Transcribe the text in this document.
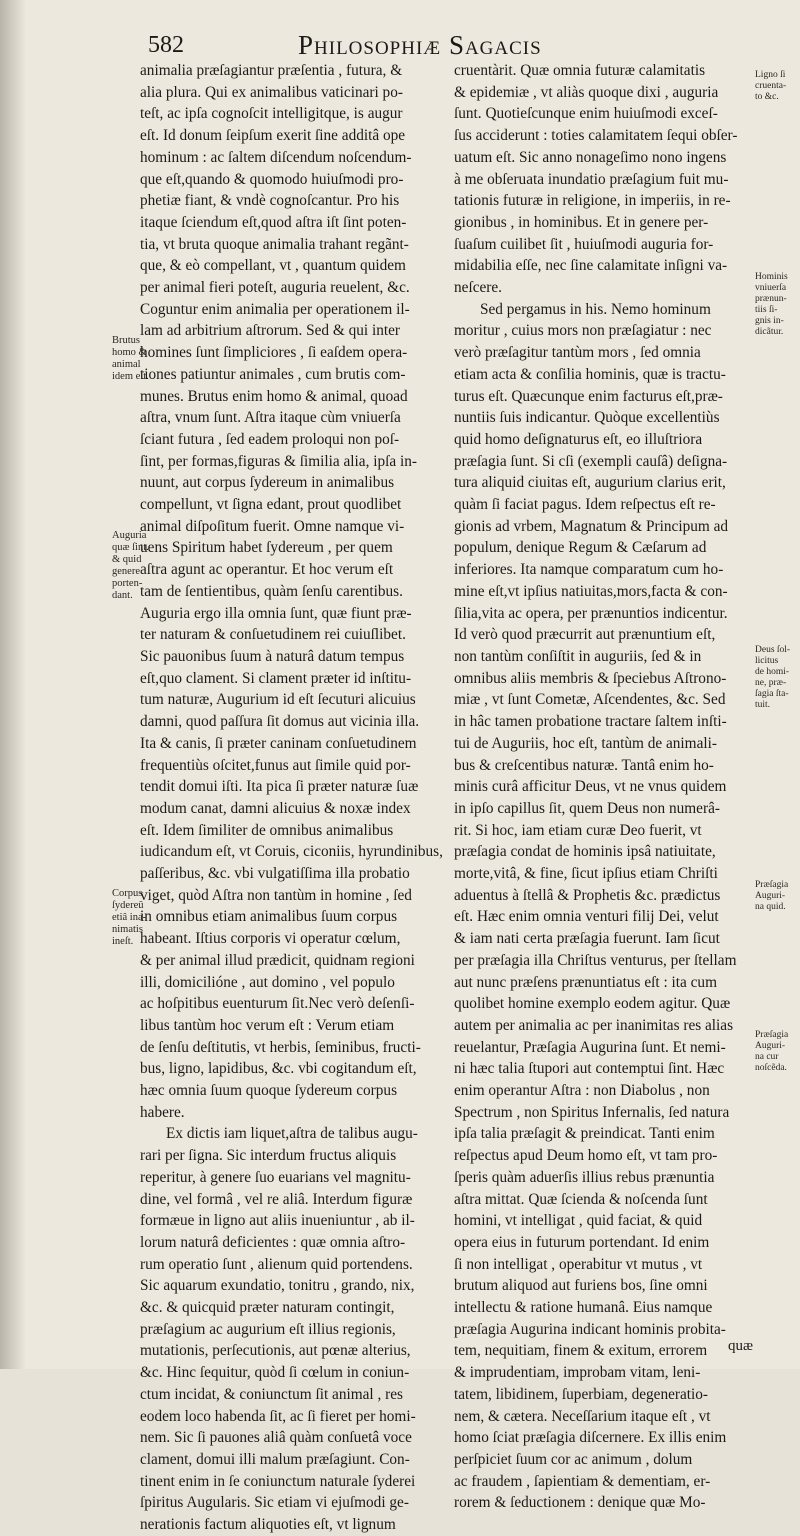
582	Philosophiæ Sagacis

animalia præſagiantur præſentia , futura, &
alia plura. Qui ex animalibus vaticinari po-
teſt, ac ipſa cognoſcit intelligitque, is augur
eſt. Id donum ſeipſum exerit ſine additâ ope
hominum : ac ſaltem diſcendum noſcendum-
que eſt,quando & quomodo huiuſmodi pro-
phetiæ fiant, & vndè cognoſcantur. Pro his
itaque ſciendum eſt,quod aſtra iſt ſint poten-
tia, vt bruta quoque animalia trahant regãnt-
que, & eò compellant, vt , quantum quidem
per animal fieri poteſt, auguria reuelent, &c.
Coguntur enim animalia per operationem il-
lam ad arbitrium aſtrorum. Sed & qui inter
homines ſunt ſimpliciores , ſi eaſdem opera-
tiones patiuntur animales , cum brutis com-
munes. Brutus enim homo & animal, quoad
aſtra, vnum ſunt. Aſtra itaque cùm vniuerſa
ſciant futura , ſed eadem proloqui non poſ-
ſint, per formas,figuras & ſimilia alia, ipſa in-
nuunt, aut corpus ſydereum in animalibus
compellunt, vt ſigna edant, prout quodlibet
animal diſpoſitum fuerit. Omne namque vi-
uens Spiritum habet ſydereum , per quem
aſtra agunt ac operantur. Et hoc verum eſt
tam de ſentientibus, quàm ſenſu carentibus.
Auguria ergo illa omnia ſunt, quæ fiunt præ-
ter naturam & conſuetudinem rei cuiuſlibet.
Sic pauonibus ſuum à naturâ datum tempus
eſt,quo clament. Si clament præter id inſtitu-
tum naturæ, Augurium id eſt ſecuturi alicuius
damni, quod paſſura ſit domus aut vicinia illa.
Ita & canis, ſi præter caninam conſuetudinem
frequentiùs oſcitet,funus aut ſimile quid por-
tendit domui iſti. Ita pica ſi præter naturæ ſuæ
modum canat, damni alicuius & noxæ index
eſt. Idem ſimiliter de omnibus animalibus
iudicandum eſt, vt Coruis, ciconiis, hyrundinibus,
paſſeribus, &c. vbi vulgatiſſima illa probatio
viget, quòd Aſtra non tantùm in homine , ſed
in omnibus etiam animalibus ſuum corpus
habeant. Iſtius corporis vi operatur cœlum,
& per animal illud prædicit, quidnam regioni
illi, domicilióne , aut domino , vel populo
ac hoſpitibus euenturum ſit.Nec verò deſenſi-
libus tantùm hoc verum eſt : Verum etiam
de ſenſu deſtitutis, vt herbis, ſeminibus, fructi-
bus, ligno, lapidibus, &c. vbi cogitandum eſt,
hæc omnia ſuum quoque ſydereum corpus
habere.

Ex dictis iam liquet,aſtra de talibus augu-
rari per ſigna. Sic interdum fructus aliquis
reperitur, à genere ſuo euarians vel magnitu-
dine, vel formâ , vel re aliâ. Interdum figuræ
formæue in ligno aut aliis inueniuntur , ab il-
lorum naturâ deficientes : quæ omnia aſtro-
rum operatio ſunt , alienum quid portendens.
Sic aquarum exundatio, tonitru , grando, nix,
&c. & quicquid præter naturam contingit,
præſagium ac augurium eſt illius regionis,
mutationis, perſecutionis, aut pœnæ alterius,
&c. Hinc ſequitur, quòd ſi cœlum in coniun-
ctum incidat, & coniunctum ſit animal , res
eodem loco habenda ſit, ac ſi fieret per homi-
nem. Sic ſi pauones aliâ quàm conſuetâ voce
clament, domui illi malum præſagiunt. Con-
tinent enim in ſe coniunctum naturale ſyderei
ſpiritus Augularis. Sic etiam vi ejuſmodi ge-
nerationis factum aliquoties eſt, vt lignum

cruentàrit. Quæ omnia futuræ calamitatis
& epidemiæ , vt aliàs quoque dixi , auguria
ſunt. Quotieſcunque enim huiuſmodi exceſ-
ſus acciderunt : toties calamitatem ſequi obſer-
uatum eſt. Sic anno nonageſimo nono ingens
à me obſeruata inundatio præſagium fuit mu-
tationis futuræ in religione, in imperiis, in re-
gionibus , in hominibus. Et in genere per-
ſuaſum cuilibet ſit , huiuſmodi auguria for-
midabilia eſſe, nec ſine calamitate inſigni va-
neſcere.

Sed pergamus in his. Nemo hominum
moritur , cuius mors non præſagiatur : nec
verò præſagitur tantùm mors , ſed omnia
etiam acta & conſilia hominis, quæ is tractu-
turus eſt. Quæcunque enim facturus eſt,præ-
nuntiis ſuis indicantur. Quòque excellentiùs
quid homo deſignaturus eſt, eo illuſtriora
præſagia ſunt. Si cſi (exempli cauſâ) deſigna-
tura aliquid ciuitas eſt, augurium clarius erit,
quàm ſi faciat pagus. Idem reſpectus eſt re-
gionis ad vrbem, Magnatum & Principum ad
populum, denique Regum & Cæſarum ad
inferiores. Ita namque comparatum cum ho-
mine eſt,vt ipſius natiuitas,mors,facta & con-
ſilia,vita ac opera, per prænuntios indicentur.
Id verò quod præcurrit aut prænuntium eſt,
non tantùm conſiſtit in auguriis, ſed & in
omnibus aliis membris & ſpeciebus Aſtrono-
miæ , vt ſunt Cometæ, Aſcendentes, &c. Sed
in hâc tamen probatione tractare ſaltem inſti-
tui de Auguriis, hoc eſt, tantùm de animali-
bus & creſcentibus naturæ. Tantâ enim ho-
minis curâ afficitur Deus, vt ne vnus quidem
in ipſo capillus ſit, quem Deus non numerâ-
rit. Si hoc, iam etiam curæ Deo fuerit, vt
præſagia condat de hominis ipsâ natiuitate,
morte,vitâ, & fine, ſicut ipſius etiam Chriſti
aduentus à ſtellâ & Prophetis &c. prædictus
eſt. Hæc enim omnia venturi filij Dei, velut
& iam nati certa præſagia fuerunt. Iam ſicut
per præſagia illa Chriſtus venturus, per ſtellam
aut nunc præſens prænuntiatus eſt : ita cum
quolibet homine exemplo eodem agitur. Quæ
autem per animalia ac per inanimitas res alias
reuelantur, Præſagia Augurina ſunt. Et nemi-
ni hæc talia ſtupori aut contemptui ſint. Hæc
enim operantur Aſtra : non Diabolus , non
Spectrum , non Spiritus Infernalis, ſed natura
ipſa talia præſagit & preindicat. Tanti enim
reſpectus apud Deum homo eſt, vt tam pro-
ſperis quàm aduerſis illius rebus prænuntia
aſtra mittat. Quæ ſcienda & noſcenda ſunt
homini, vt intelligat , quid faciat, & quid
opera eius in futurum portendant. Id enim
ſi non intelligat , operabitur vt mutus , vt
brutum aliquod aut furiens bos, ſine omni
intellectu & ratione humanâ. Eius namque
præſagia Augurina indicant hominis probita-
tem, nequitiam, finem & exitum, errorem
& imprudentiam, improbam vitam, leni-
tatem, libidinem, ſuperbiam, degeneratio-
nem, & cætera. Neceſſarium itaque eſt , vt
homo ſciat præſagia diſcernere. Ex illis enim
perſpiciet ſuum cor ac animum , dolum
ac fraudem , ſapientiam & dementiam, er-
rorem & ſeductionem : denique quæ Mo-

Brutus
homo &
animal
idem eſt.
Auguria
quæ ſint.
& quid
genere
porten-
dant.
Corpus
ſydereû
etiâ ina-
nimatis
ineſt.
Ligno ſi
cruenta-
to &c.
Hominis
vniuerſa
prænun-
tiis ſi-
gnis in-
dicãtur.
Deus ſol-
licitus
de homi-
ne, præ-
ſagia ſta-
tuit.
Præſagia
Auguri-
na quid.
Præſagia
Auguri-
na cur
noſcẽda.
quæ
